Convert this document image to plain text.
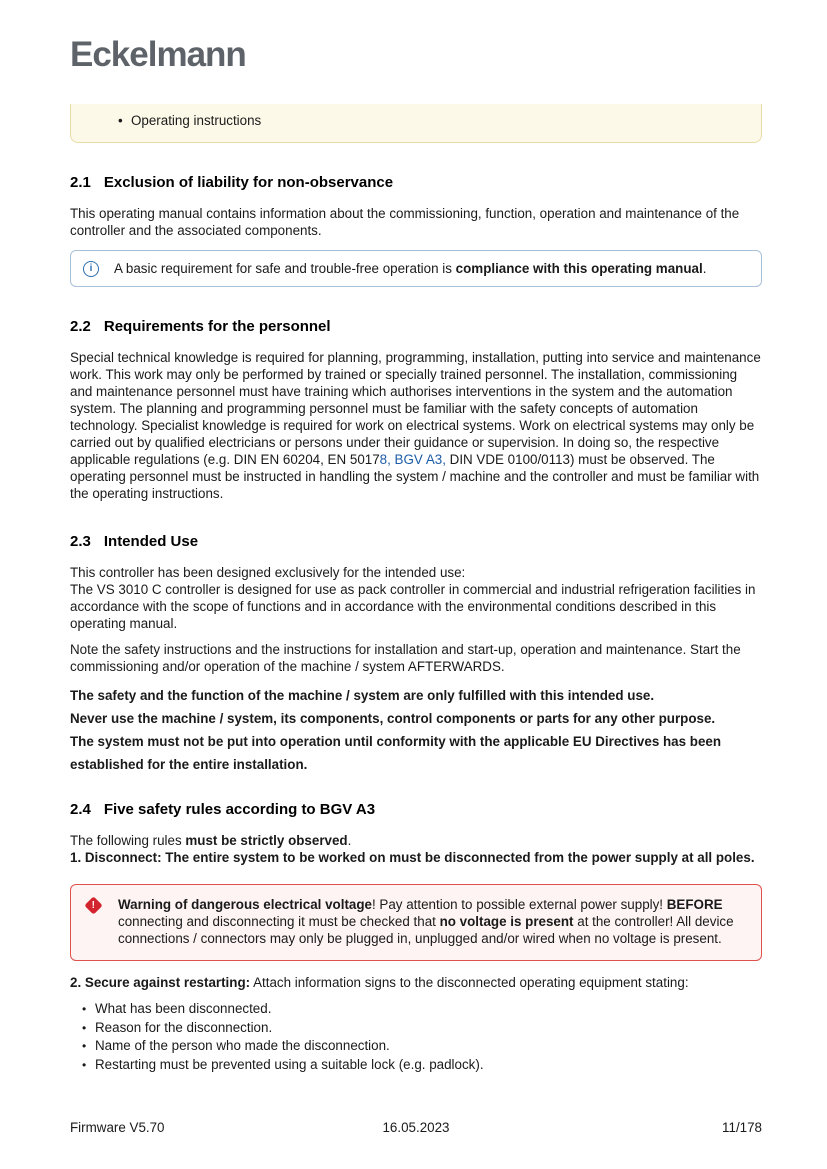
Eckelmann
• Operating instructions
2.1 Exclusion of liability for non-observance

This operating manual contains information about the commissioning, function, operation and maintenance of the controller and the associated components.

i A basic requirement for safe and trouble-free operation is compliance with this operating manual.
2.2 Requirements for the personnel

Special technical knowledge is required for planning, programming, installation, putting into service and maintenance work. This work may only be performed by trained or specially trained personnel. The installation, commissioning and maintenance personnel must have training which authorises interventions in the system and the automation system. The planning and programming personnel must be familiar with the safety concepts of automation technology. Specialist knowledge is required for work on electrical systems. Work on electrical systems may only be carried out by qualified electricians or persons under their guidance or supervision. In doing so, the respective applicable regulations (e.g. DIN EN 60204, EN 50178, BGV A3, DIN VDE 0100/0113) must be observed. The operating personnel must be instructed in handling the system / machine and the controller and must be familiar with the operating instructions.

2.3 Intended Use

This controller has been designed exclusively for the intended use:
The VS 3010 C controller is designed for use as pack controller in commercial and industrial refrigeration facilities in accordance with the scope of functions and in accordance with the environmental conditions described in this operating manual.

Note the safety instructions and the instructions for installation and start-up, operation and maintenance. Start the commissioning and/or operation of the machine / system AFTERWARDS.

The safety and the function of the machine / system are only fulfilled with this intended use.

Never use the machine / system, its components, control components or parts for any other purpose.

The system must not be put into operation until conformity with the applicable EU Directives has been established for the entire installation.

2.4 Five safety rules according to BGV A3

The following rules must be strictly observed.
1. Disconnect: The entire system to be worked on must be disconnected from the power supply at all poles.

! Warning of dangerous electrical voltage! Pay attention to possible external power supply! BEFORE connecting and disconnecting it must be checked that no voltage is present at the controller! All device connections / connectors may only be plugged in, unplugged and/or wired when no voltage is present.

2. Secure against restarting: Attach information signs to the disconnected operating equipment stating:

• What has been disconnected.
• Reason for the disconnection.
• Name of the person who made the disconnection.
• Restarting must be prevented using a suitable lock (e.g. padlock).
Firmware V5.70	16.05.2023	11/178
